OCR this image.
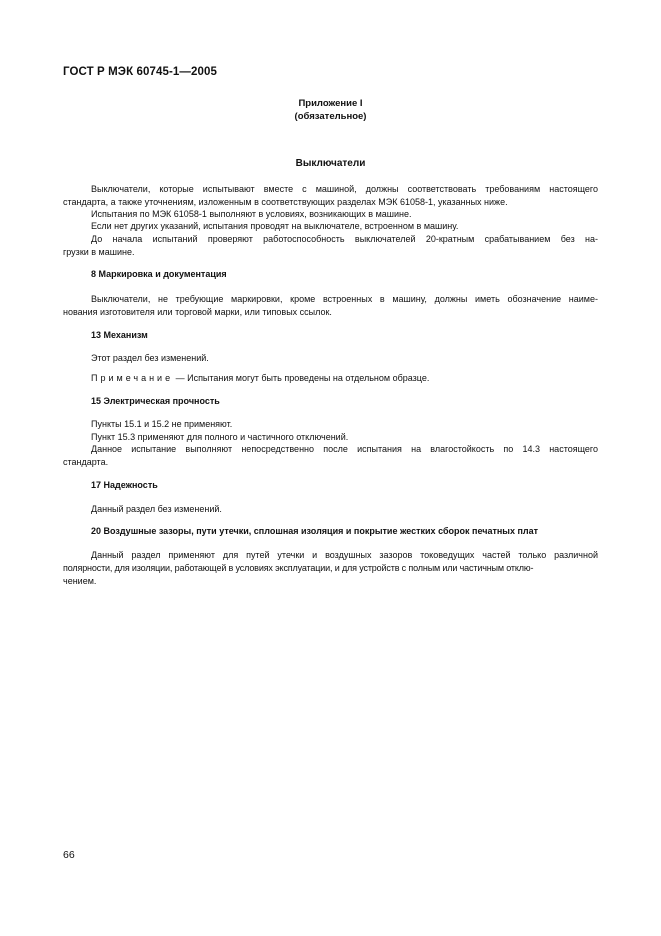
ГОСТ Р МЭК 60745-1—2005
Приложение I
(обязательное)
Выключатели
Выключатели, которые испытывают вместе с машиной, должны соответствовать требованиям настоящего
стандарта, а также уточнениям, изложенным в соответствующих разделах МЭК 61058-1, указанных ниже.
Испытания по МЭК 61058-1 выполняют в условиях, возникающих в машине.
Если нет других указаний, испытания проводят на выключателе, встроенном в машину.
До начала испытаний проверяют работоспособность выключателей 20-кратным срабатыванием без на-
грузки в машине.
8 Маркировка и документация
Выключатели, не требующие маркировки, кроме встроенных в машину, должны иметь обозначение наиме-
нования изготовителя или торговой марки, или типовых ссылок.
13 Механизм
Этот раздел без изменений.
Примечание — Испытания могут быть проведены на отдельном образце.
15 Электрическая прочность
Пункты 15.1 и 15.2 не применяют.
Пункт 15.3 применяют для полного и частичного отключений.
Данное испытание выполняют непосредственно после испытания на влагостойкость по 14.3 настоящего
стандарта.
17 Надежность
Данный раздел без изменений.
20 Воздушные зазоры, пути утечки, сплошная изоляция и покрытие жестких сборок печатных плат
Данный раздел применяют для путей утечки и воздушных зазоров токоведущих частей только различной
полярности, для изоляции, работающей в условиях эксплуатации, и для устройств с полным или частичным отклю-
чением.
66
